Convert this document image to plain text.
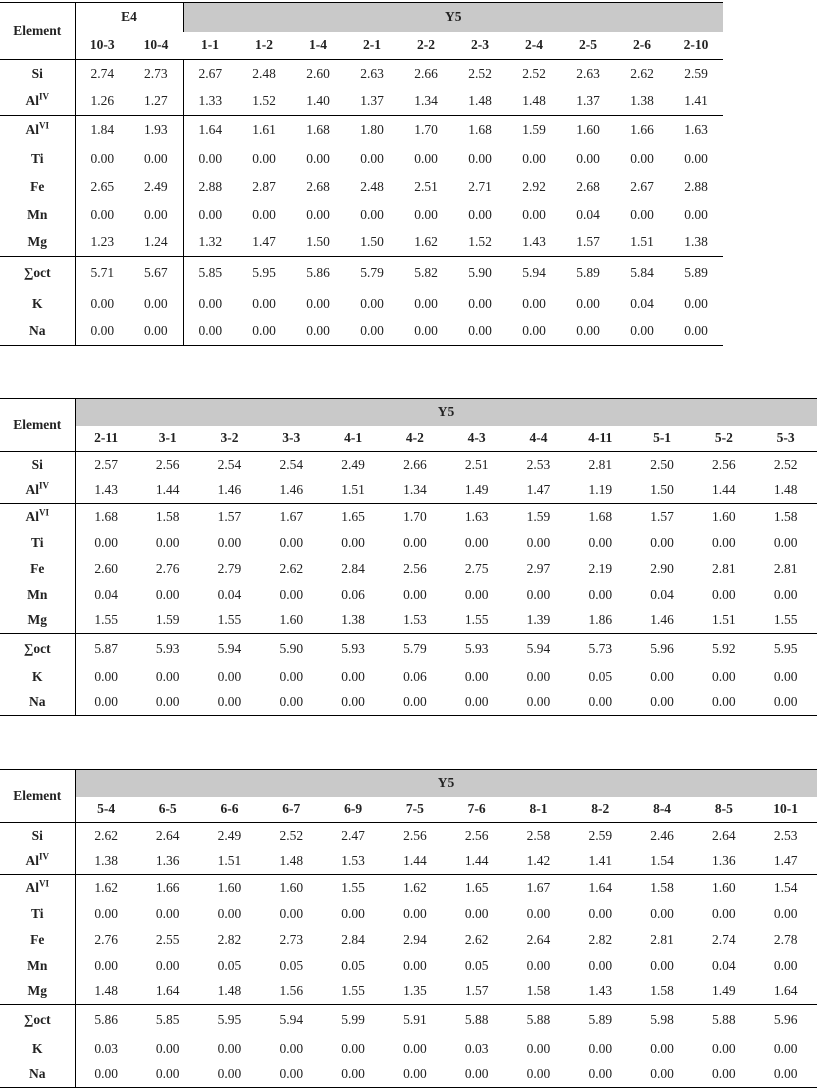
Element	E4		Y5									
	10-3	10-4	1-1	1-2	1-4	2-1	2-2	2-3	2-4	2-5	2-6	2-10
Si	2.74	2.73	2.67	2.48	2.60	2.63	2.66	2.52	2.52	2.63	2.62	2.59
$Al^{IV}$	1.26	1.27	1.33	1.52	1.40	1.37	1.34	1.48	1.48	1.37	1.38	1.41
$Al^{VI}$	1.84	1.93	1.64	1.61	1.68	1.80	1.70	1.68	1.59	1.60	1.66	1.63
Ti	0.00	0.00	0.00	0.00	0.00	0.00	0.00	0.00	0.00	0.00	0.00	0.00
Fe	2.65	2.49	2.88	2.87	2.68	2.48	2.51	2.71	2.92	2.68	2.67	2.88
Mn	0.00	0.00	0.00	0.00	0.00	0.00	0.00	0.00	0.00	0.04	0.00	0.00
Mg	1.23	1.24	1.32	1.47	1.50	1.50	1.62	1.52	1.43	1.57	1.51	1.38
∑oct	5.71	5.67	5.85	5.95	5.86	5.79	5.82	5.90	5.94	5.89	5.84	5.89
K	0.00	0.00	0.00	0.00	0.00	0.00	0.00	0.00	0.00	0.00	0.04	0.00
Na	0.00	0.00	0.00	0.00	0.00	0.00	0.00	0.00	0.00	0.00	0.00	0.00
Element	Y5											
	2-11	3-1	3-2	3-3	4-1	4-2	4-3	4-4	4-11	5-1	5-2	5-3
Si	2.57	2.56	2.54	2.54	2.49	2.66	2.51	2.53	2.81	2.50	2.56	2.52
$Al^{IV}$	1.43	1.44	1.46	1.46	1.51	1.34	1.49	1.47	1.19	1.50	1.44	1.48
$Al^{VI}$	1.68	1.58	1.57	1.67	1.65	1.70	1.63	1.59	1.68	1.57	1.60	1.58
Ti	0.00	0.00	0.00	0.00	0.00	0.00	0.00	0.00	0.00	0.00	0.00	0.00
Fe	2.60	2.76	2.79	2.62	2.84	2.56	2.75	2.97	2.19	2.90	2.81	2.81
Mn	0.04	0.00	0.04	0.00	0.06	0.00	0.00	0.00	0.00	0.04	0.00	0.00
Mg	1.55	1.59	1.55	1.60	1.38	1.53	1.55	1.39	1.86	1.46	1.51	1.55
∑oct	5.87	5.93	5.94	5.90	5.93	5.79	5.93	5.94	5.73	5.96	5.92	5.95
K	0.00	0.00	0.00	0.00	0.00	0.06	0.00	0.00	0.05	0.00	0.00	0.00
Na	0.00	0.00	0.00	0.00	0.00	0.00	0.00	0.00	0.00	0.00	0.00	0.00
Element	Y5											
	5-4	6-5	6-6	6-7	6-9	7-5	7-6	8-1	8-2	8-4	8-5	10-1
Si	2.62	2.64	2.49	2.52	2.47	2.56	2.56	2.58	2.59	2.46	2.64	2.53
$Al^{IV}$	1.38	1.36	1.51	1.48	1.53	1.44	1.44	1.42	1.41	1.54	1.36	1.47
$Al^{VI}$	1.62	1.66	1.60	1.60	1.55	1.62	1.65	1.67	1.64	1.58	1.60	1.54
Ti	0.00	0.00	0.00	0.00	0.00	0.00	0.00	0.00	0.00	0.00	0.00	0.00
Fe	2.76	2.55	2.82	2.73	2.84	2.94	2.62	2.64	2.82	2.81	2.74	2.78
Mn	0.00	0.00	0.05	0.05	0.05	0.00	0.05	0.00	0.00	0.00	0.04	0.00
Mg	1.48	1.64	1.48	1.56	1.55	1.35	1.57	1.58	1.43	1.58	1.49	1.64
∑oct	5.86	5.85	5.95	5.94	5.99	5.91	5.88	5.88	5.89	5.98	5.88	5.96
K	0.03	0.00	0.00	0.00	0.00	0.00	0.03	0.00	0.00	0.00	0.00	0.00
Na	0.00	0.00	0.00	0.00	0.00	0.00	0.00	0.00	0.00	0.00	0.00	0.00
